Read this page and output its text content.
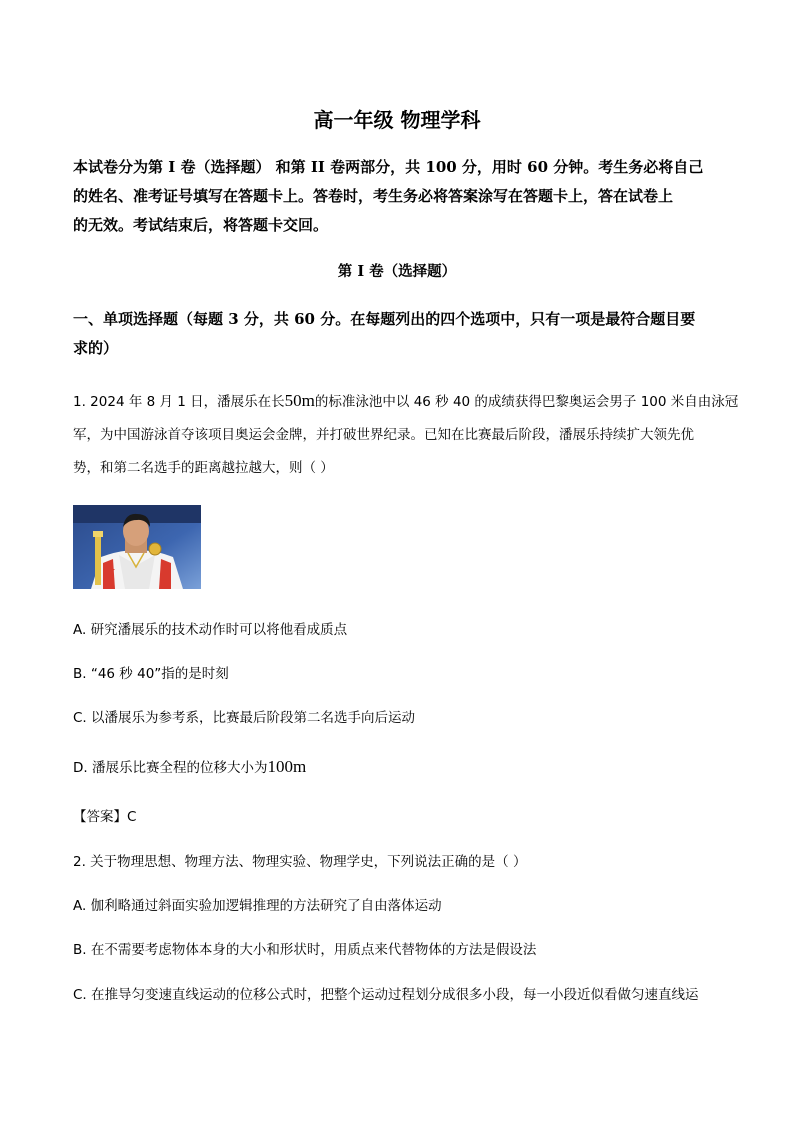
高一年级 物理学科
本试卷分为第 I 卷（选择题） 和第 II 卷两部分，共 100 分，用时 60 分钟。考生务必将自己
的姓名、准考证号填写在答题卡上。答卷时，考生务必将答案涂写在答题卡上，答在试卷上
的无效。考试结束后，将答题卡交回。
第 I 卷（选择题）
一、单项选择题（每题 3 分，共 60 分。在每题列出的四个选项中，只有一项是最符合题目要
求的）
1. 2024 年 8 月 1 日，潘展乐在长50m的标准泳池中以 46 秒 40 的成绩获得巴黎奥运会男子 100 米自由泳冠
军，为中国游泳首夺该项目奥运会金牌，并打破世界纪录。已知在比赛最后阶段，潘展乐持续扩大领先优
势，和第二名选手的距离越拉越大，则（ ）
A. 研究潘展乐的技术动作时可以将他看成质点
B. “46 秒 40”指的是时刻
C. 以潘展乐为参考系，比赛最后阶段第二名选手向后运动
D. 潘展乐比赛全程的位移大小为100m
【答案】C
2. 关于物理思想、物理方法、物理实验、物理学史，下列说法正确的是（ ）
A. 伽利略通过斜面实验加逻辑推理的方法研究了自由落体运动
B. 在不需要考虑物体本身的大小和形状时，用质点来代替物体的方法是假设法
C. 在推导匀变速直线运动的位移公式时，把整个运动过程划分成很多小段，每一小段近似看做匀速直线运
